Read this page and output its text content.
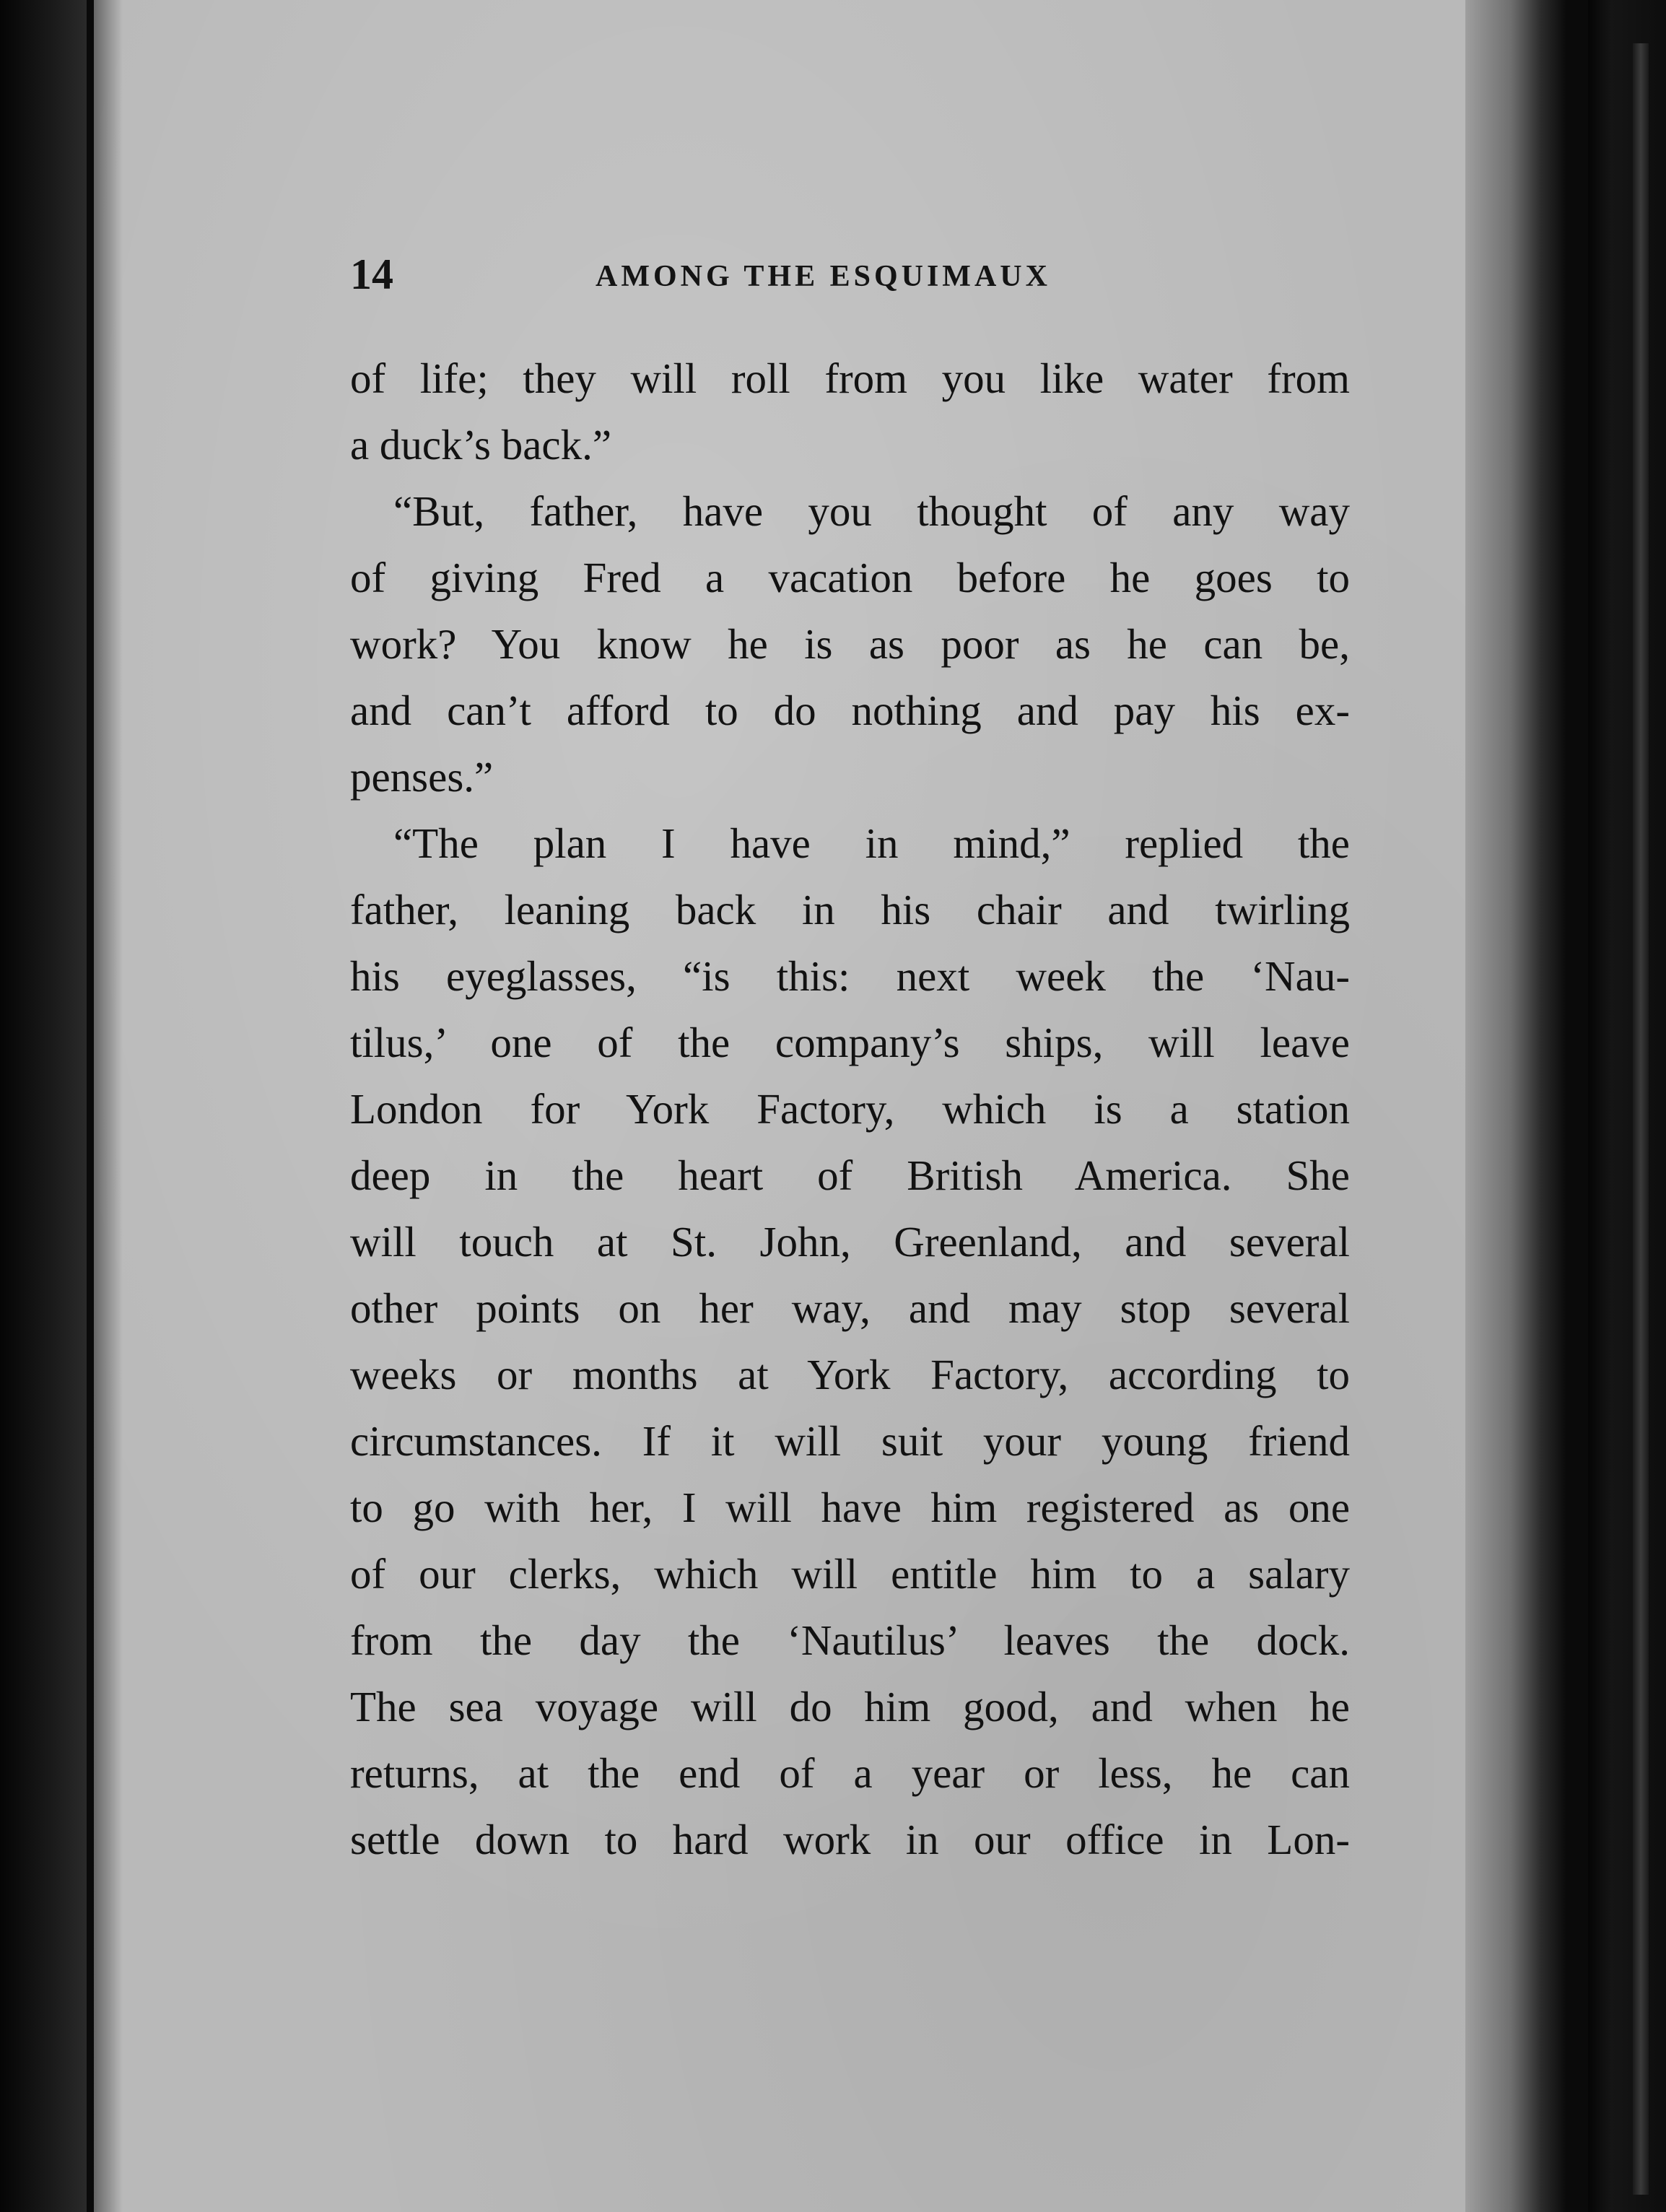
14	AMONG THE ESQUIMAUX
of life; they will roll from you like water from
a duck’s back.”
“But, father, have you thought of any way
of giving Fred a vacation before he goes to
work? You know he is as poor as he can be,
and can’t afford to do nothing and pay his ex-
penses.”
“The plan I have in mind,” replied the
father, leaning back in his chair and twirling
his eyeglasses, “is this: next week the ‘Nau-
tilus,’ one of the company’s ships, will leave
London for York Factory, which is a station
deep in the heart of British America. She
will touch at St. John, Greenland, and several
other points on her way, and may stop several
weeks or months at York Factory, according to
circumstances. If it will suit your young friend
to go with her, I will have him registered as one
of our clerks, which will entitle him to a salary
from the day the ‘Nautilus’ leaves the dock.
The sea voyage will do him good, and when he
returns, at the end of a year or less, he can
settle down to hard work in our office in Lon-
